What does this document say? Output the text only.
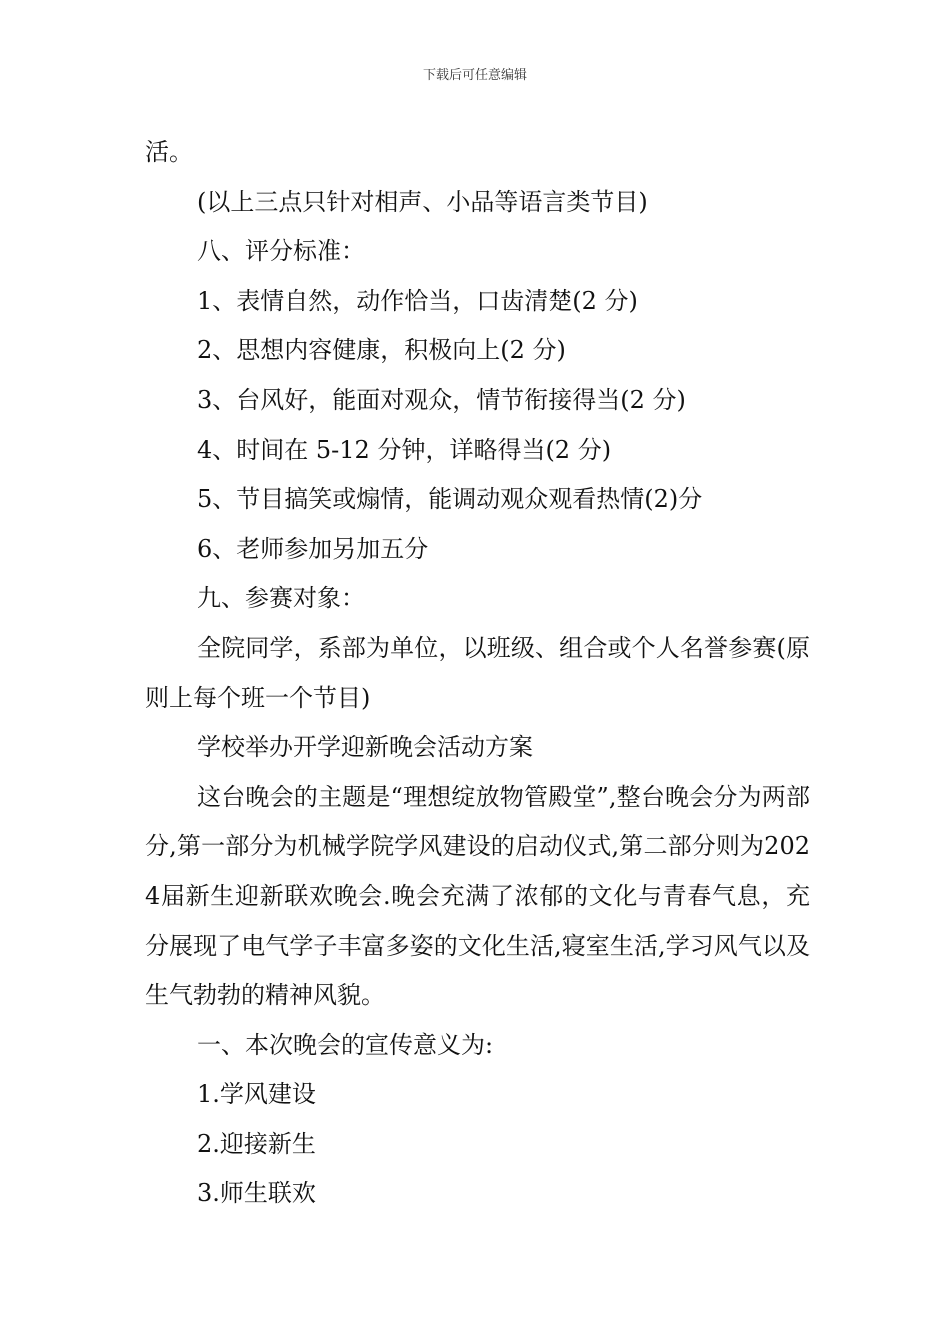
下载后可任意编辑
活。
(以上三点只针对相声、小品等语言类节目)
八、评分标准：
1、表情自然，动作恰当，口齿清楚(2 分)
2、思想内容健康，积极向上(2 分)
3、台风好，能面对观众，情节衔接得当(2 分)
4、时间在 5-12 分钟，详略得当(2 分)
5、节目搞笑或煽情，能调动观众观看热情(2)分
6、老师参加另加五分
九、参赛对象：
全院同学，系部为单位，以班级、组合或个人名誉参赛(原则上每个班一个节目)
学校举办开学迎新晚会活动方案
这台晚会的主题是“理想绽放物管殿堂”,整台晚会分为两部分,第一部分为机械学院学风建设的启动仪式,第二部分则为2024届新生迎新联欢晚会.晚会充满了浓郁的文化与青春气息，充分展现了电气学子丰富多姿的文化生活,寝室生活,学习风气以及生气勃勃的精神风貌。
一、本次晚会的宣传意义为:
1.学风建设
2.迎接新生
3.师生联欢
